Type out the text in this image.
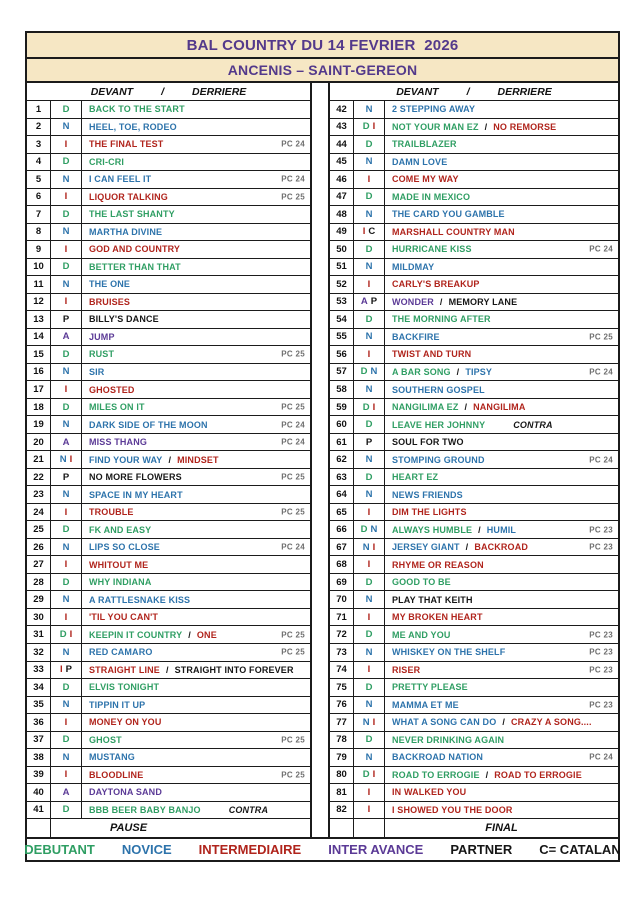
BAL COUNTRY DU 14 FEVRIER  2026
ANCENIS – SAINT-GEREON
DEVANT	/	DERRIERE
1	D BACK TO THE START
2	N HEEL, TOE, RODEO
3	I THE FINAL TEST	PC 24
4	D CRI-CRI
5	N I CAN FEEL IT	PC 24
6	I LIQUOR TALKING	PC 25
7	D THE LAST SHANTY
8	N MARTHA DIVINE
9	I GOD AND COUNTRY
10	D BETTER THAN THAT
11	N THE ONE
12	I BRUISES
13	P BILLY'S DANCE
14	A JUMP
15	D RUST	PC 25
16	N SIR
17	I GHOSTED
18	D MILES ON IT	PC 25
19	N DARK SIDE OF THE MOON	PC 24
20	A MISS THANG	PC 24
21	N I FIND YOUR WAY / MINDSET
22	P NO MORE FLOWERS	PC 25
23	N SPACE IN MY HEART
24	I TROUBLE	PC 25
25	D FK AND EASY
26	N LIPS SO CLOSE	PC 24
27	I WHITOUT ME
28	D WHY INDIANA
29	N A RATTLESNAKE KISS
30	I 'TIL YOU CAN'T
31	D I KEEPIN IT COUNTRY / ONE	PC 25
32	N RED CAMARO	PC 25
33	I P STRAIGHT LINE / STRAIGHT INTO FOREVER
34	D ELVIS TONIGHT
35	N TIPPIN IT UP
36	I MONEY ON YOU
37	D GHOST	PC 25
38	N MUSTANG
39	I BLOODLINE	PC 25
40	A DAYTONA SAND
41	D BBB BEER BABY BANJO	CONTRA
PAUSE
DEVANT	/	DERRIERE
42	N 2 STEPPING AWAY
43	D I NOT YOUR MAN EZ / NO REMORSE
44	D TRAILBLAZER
45	N DAMN LOVE
46	I COME MY WAY
47	D MADE IN MEXICO
48	N THE CARD YOU GAMBLE
49	I C MARSHALL COUNTRY MAN
50	D HURRICANE KISS	PC 24
51	N MILDMAY
52	I CARLY'S BREAKUP
53	A P WONDER / MEMORY LANE
54	D THE MORNING AFTER
55	N BACKFIRE	PC 25
56	I TWIST AND TURN
57	D N A BAR SONG / TIPSY	PC 24
58	N SOUTHERN GOSPEL
59	D I NANGILIMA EZ / NANGILIMA
60	D LEAVE HER JOHNNY	CONTRA
61	P SOUL FOR TWO
62	N STOMPING GROUND	PC 24
63	D HEART EZ
64	N NEWS FRIENDS
65	I DIM THE LIGHTS
66	D N ALWAYS HUMBLE / HUMIL	PC 23
67	N I JERSEY GIANT / BACKROAD	PC 23
68	I RHYME OR REASON
69	D GOOD TO BE
70	N PLAY THAT KEITH
71	I MY BROKEN HEART
72	D ME AND YOU	PC 23
73	N WHISKEY ON THE SHELF	PC 23
74	I RISER	PC 23
75	D PRETTY PLEASE
76	N MAMMA ET ME	PC 23
77	N I WHAT A SONG CAN DO / CRAZY A SONG....
78	D NEVER DRINKING AGAIN
79	N BACKROAD NATION	PC 24
80	D I ROAD TO ERROGIE / ROAD TO ERROGIE
81	I IN WALKED YOU
82	I I SHOWED YOU THE DOOR
FINAL
DEBUTANT NOVICE INTERMEDIAIRE INTER AVANCE PARTNER C= CATALAN
